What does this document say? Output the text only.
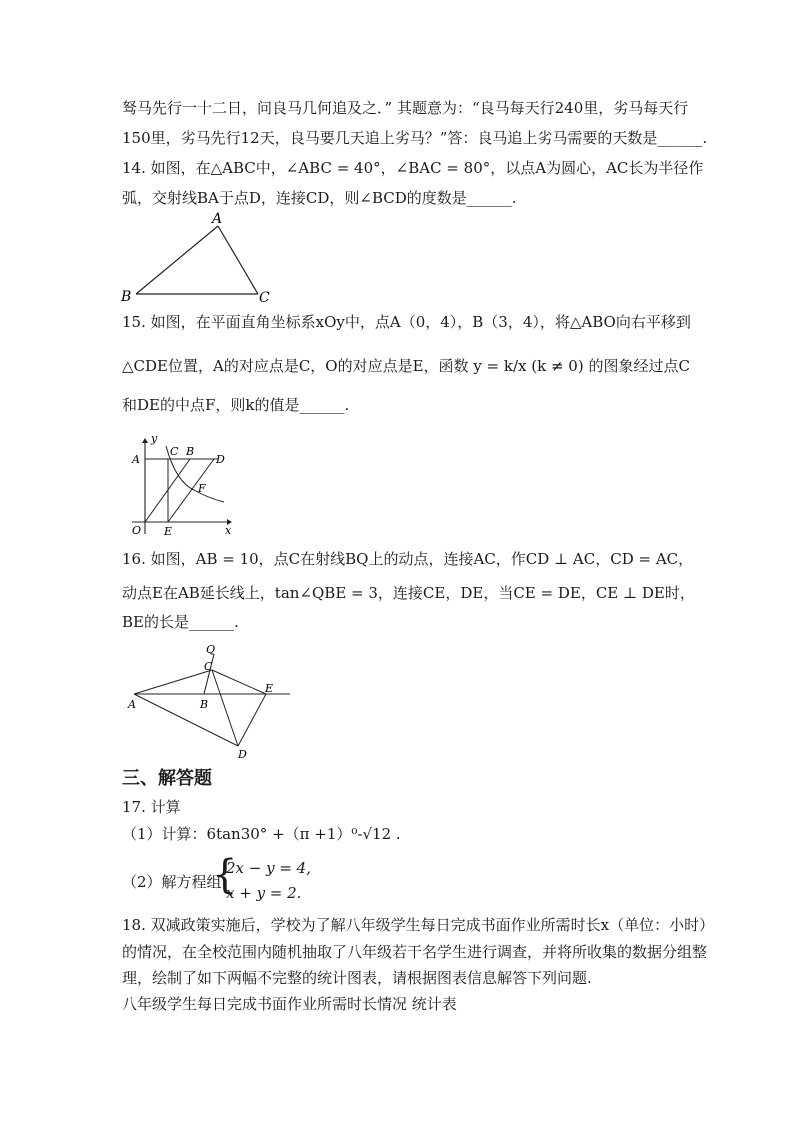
驽马先行一十二日，问良马几何追及之．” 其题意为：“良马每天行240里，劣马每天行
150里，劣马先行12天，良马要几天追上劣马？”答：良马追上劣马需要的天数是______.
14. 如图，在△ABC中，∠ABC = 40°，∠BAC = 80°，以点A为圆心，AC长为半径作
弧，交射线BA于点D，连接CD，则∠BCD的度数是______.
A
B	C
15. 如图，在平面直角坐标系xOy中，点A（0，4），B（3，4），将△ABO向右平移到
△CDE位置，A的对应点是C，O的对应点是E，函数 y = k/x (k ≠ 0) 的图象经过点C
和DE的中点F，则k的值是______.
y
x
A
C B
D
F
O E
16. 如图，AB = 10，点C在射线BQ上的动点，连接AC，作CD ⊥ AC，CD = AC，
动点E在AB延长线上，tan∠QBE = 3，连接CE，DE，当CE = DE，CE ⊥ DE时，
BE的长是______.
Q
C
A	B
E
D
三、解答题
17. 计算
（1）计算：6tan30° +（π +1）⁰-√12 .
（2）解方程组
{
2x − y = 4,
x + y = 2.
18. 双减政策实施后，学校为了解八年级学生每日完成书面作业所需时长x（单位：小时）
的情况，在全校范围内随机抽取了八年级若干名学生进行调查，并将所收集的数据分组整
理，绘制了如下两幅不完整的统计图表，请根据图表信息解答下列问题.
八年级学生每日完成书面作业所需时长情况 统计表
